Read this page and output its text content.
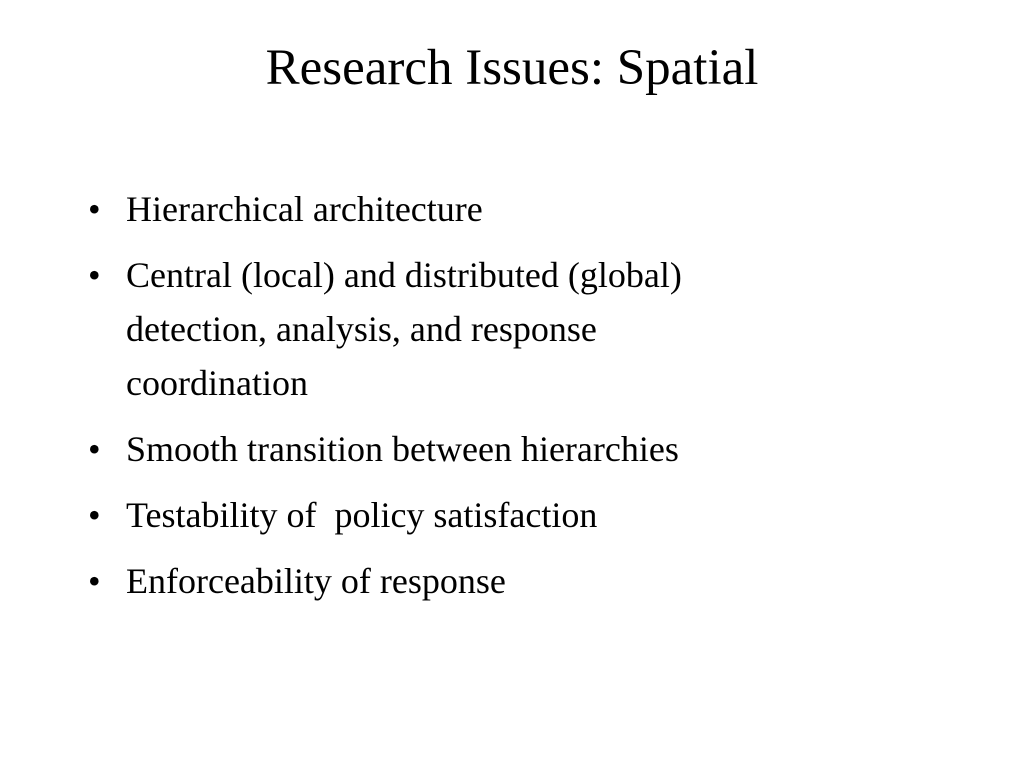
Research Issues: Spatial
• Hierarchical architecture
• Central (local) and distributed (global)
detection, analysis, and response
coordination
• Smooth transition between hierarchies
• Testability of  policy satisfaction
• Enforceability of response
